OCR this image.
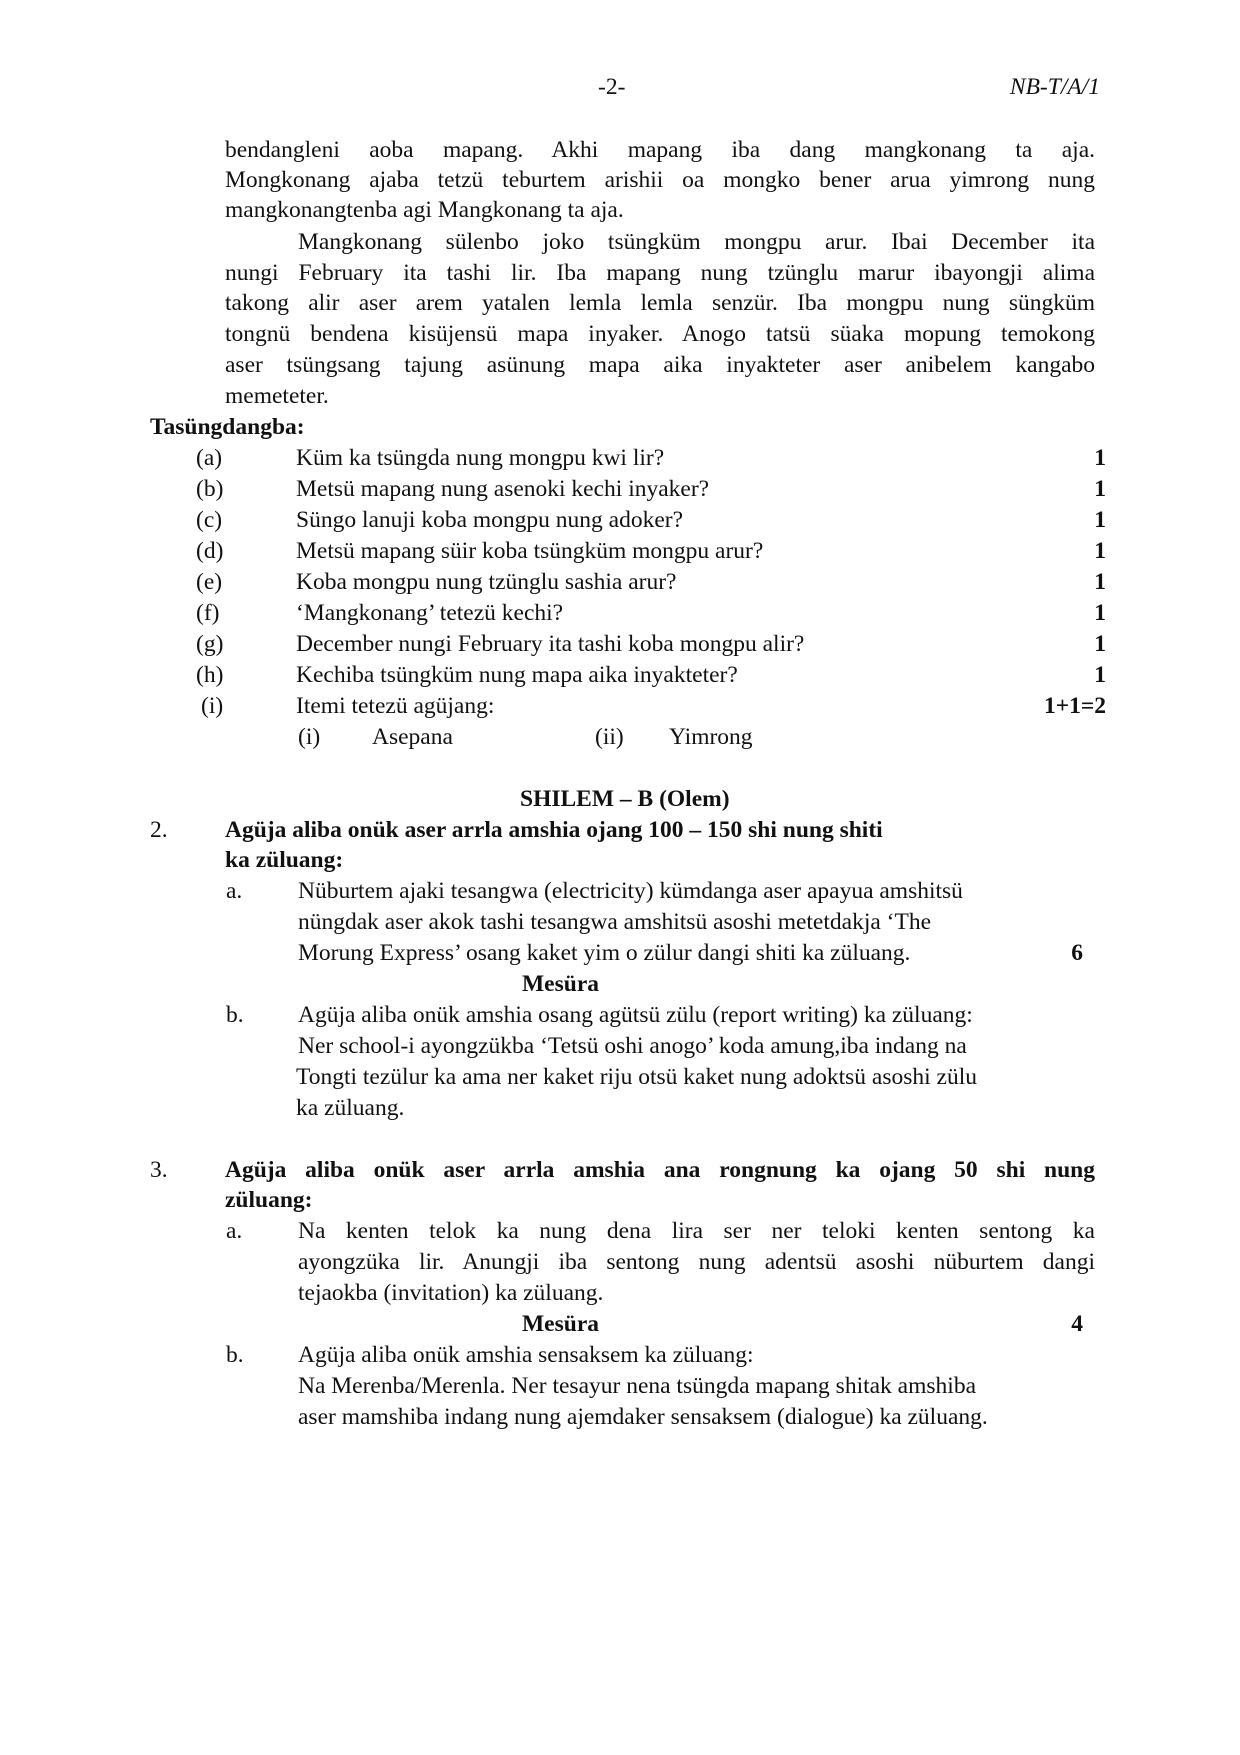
-2-	NB-T/A/1
bendangleni aoba mapang. Akhi mapang iba dang mangkonang ta aja.
Mongkonang ajaba tetzü teburtem arishii oa mongko bener arua yimrong nung
mangkonangtenba agi Mangkonang ta aja.
Mangkonang sülenbo joko tsüngküm mongpu arur. Ibai December ita
nungi February ita tashi lir. Iba mapang nung tzünglu marur ibayongji alima
takong alir aser arem yatalen lemla lemla senzür. Iba mongpu nung süngküm
tongnü bendena kisüjensü mapa inyaker. Anogo tatsü süaka mopung temokong
aser tsüngsang tajung asünung mapa aika inyakteter aser anibelem kangabo
memeteter.
Tasüngdangba:
(a)	Küm ka tsüngda nung mongpu kwi lir?	1
(b)	Metsü mapang nung asenoki kechi inyaker?	1
(c)	Süngo lanuji koba mongpu nung adoker?	1
(d)	Metsü mapang süir koba tsüngküm mongpu arur?	1
(e)	Koba mongpu nung tzünglu sashia arur?	1
(f)	‘Mangkonang’ tetezü kechi?	1
(g)	December nungi February ita tashi koba mongpu alir?	1
(h)	Kechiba tsüngküm nung mapa aika inyakteter?	1
(i)	Itemi tetezü agüjang:	1+1=2
(i) Asepana	(ii) Yimrong
SHILEM – B (Olem)
2. Agüja aliba onük aser arrla amshia ojang 100 – 150 shi nung shiti
ka züluang:
a. Nüburtem ajaki tesangwa (electricity) kümdanga aser apayua amshitsü
nüngdak aser akok tashi tesangwa amshitsü asoshi metetdakja ‘The
Morung Express’ osang kaket yim o zülur dangi shiti ka züluang.	6
Mesüra
b. Agüja aliba onük amshia osang agütsü zülu (report writing) ka züluang:
Ner school-i ayongzükba ‘Tetsü oshi anogo’ koda amung,iba indang na
Tongti tezülur ka ama ner kaket riju otsü kaket nung adoktsü asoshi zülu
ka züluang.
3. Agüja aliba onük aser arrla amshia ana rongnung ka ojang 50 shi nung
züluang:
a. Na kenten telok ka nung dena lira ser ner teloki kenten sentong ka
ayongzüka lir. Anungji iba sentong nung adentsü asoshi nüburtem dangi
tejaokba (invitation) ka züluang.
Mesüra	4
b. Agüja aliba onük amshia sensaksem ka züluang:
Na Merenba/Merenla. Ner tesayur nena tsüngda mapang shitak amshiba
aser mamshiba indang nung ajemdaker sensaksem (dialogue) ka züluang.
